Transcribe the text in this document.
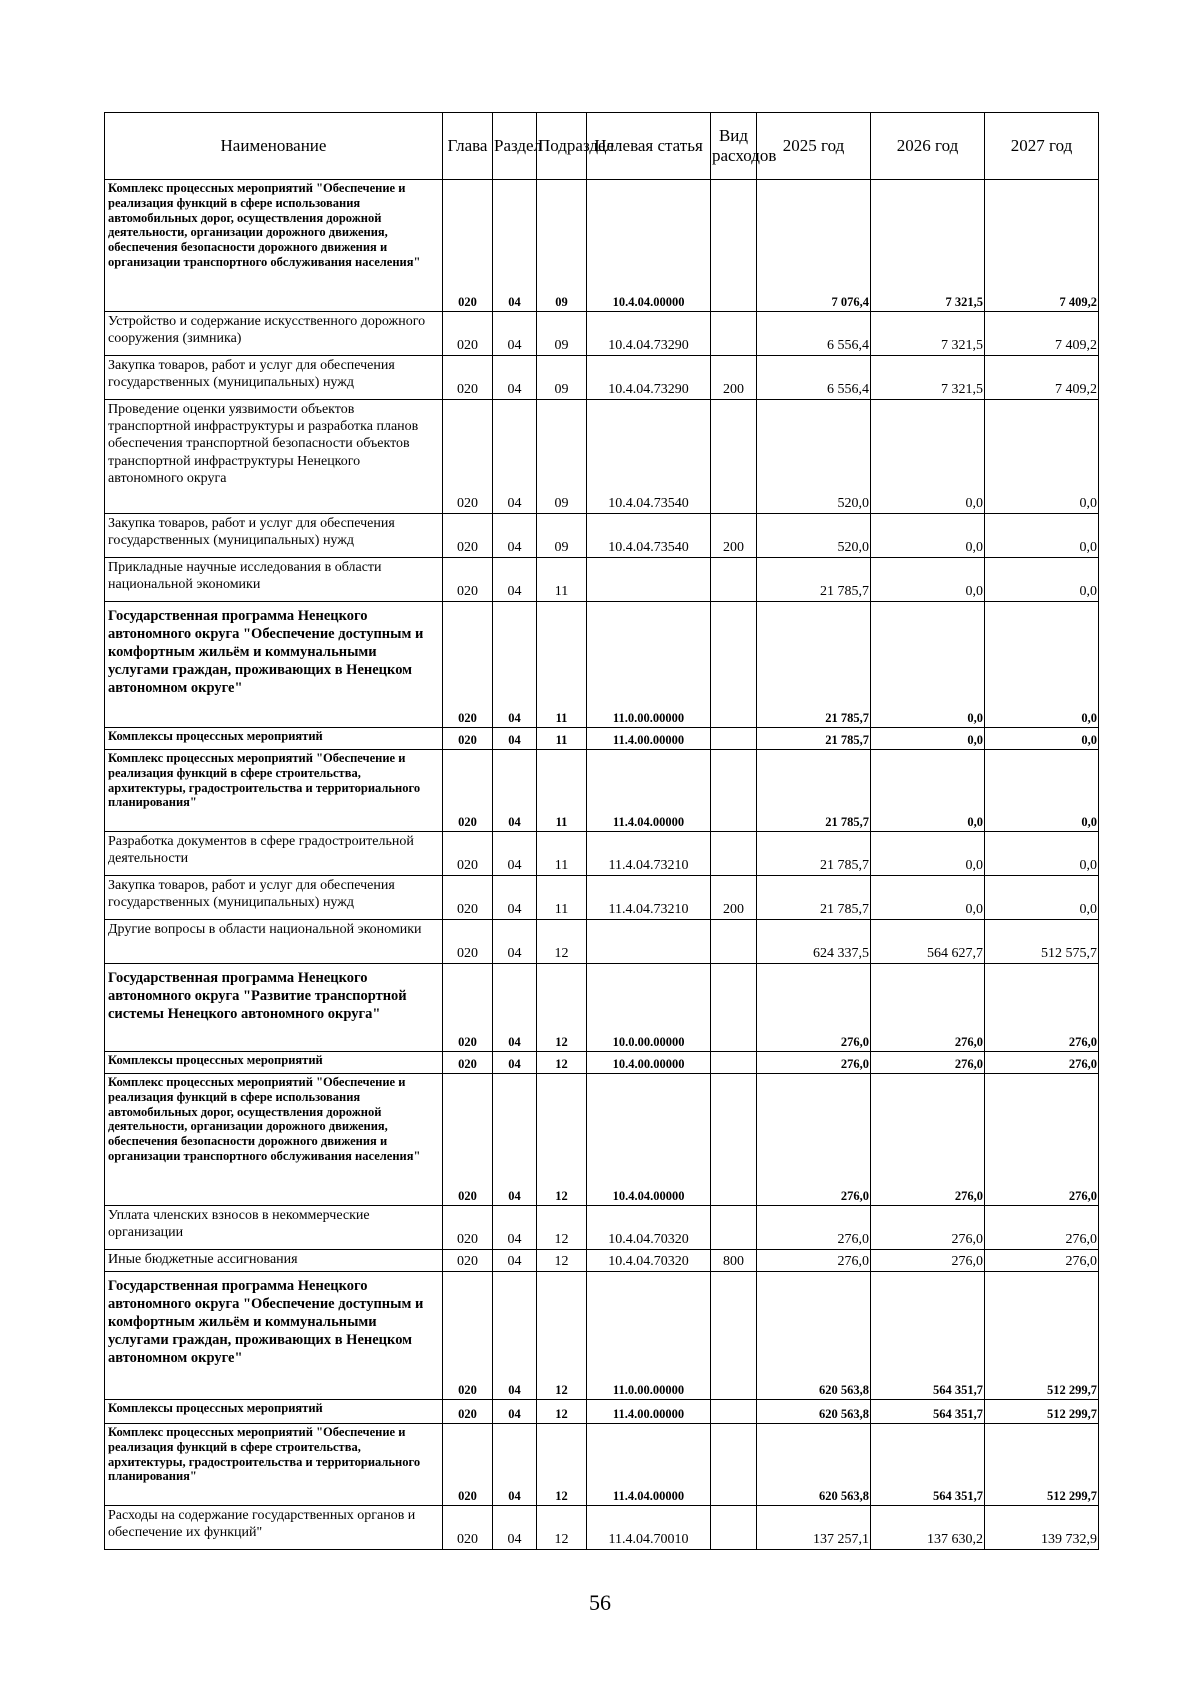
Наименование	Глава	Раздел	Подраздел	Целевая статья	Вид расходов	2025 год	2026 год	2027 год
Комплекс процессных мероприятий "Обеспечение и реализация функций в сфере использования автомобильных дорог, осуществления дорожной деятельности, организации дорожного движения, обеспечения безопасности дорожного движения и организации транспортного обслуживания населения"	020	04	09	10.4.04.00000		7 076,4	7 321,5	7 409,2
Устройство и содержание искусственного дорожного сооружения (зимника)	020	04	09	10.4.04.73290		6 556,4	7 321,5	7 409,2
Закупка товаров, работ и услуг для обеспечения государственных (муниципальных) нужд	020	04	09	10.4.04.73290	200	6 556,4	7 321,5	7 409,2
Проведение оценки уязвимости объектов транспортной инфраструктуры и разработка планов обеспечения транспортной безопасности объектов транспортной инфраструктуры Ненецкого автономного округа	020	04	09	10.4.04.73540		520,0	0,0	0,0
Закупка товаров, работ и услуг для обеспечения государственных (муниципальных) нужд	020	04	09	10.4.04.73540	200	520,0	0,0	0,0
Прикладные научные исследования в области национальной экономики	020	04	11			21 785,7	0,0	0,0
Государственная программа Ненецкого автономного округа "Обеспечение доступным и комфортным жильём и коммунальными услугами граждан, проживающих в Ненецком автономном округе"	020	04	11	11.0.00.00000		21 785,7	0,0	0,0
Комплексы процессных мероприятий	020	04	11	11.4.00.00000		21 785,7	0,0	0,0
Комплекс процессных мероприятий "Обеспечение и реализация функций в сфере строительства, архитектуры, градостроительства и территориального планирования"	020	04	11	11.4.04.00000		21 785,7	0,0	0,0
Разработка документов в сфере градостроительной деятельности	020	04	11	11.4.04.73210		21 785,7	0,0	0,0
Закупка товаров, работ и услуг для обеспечения государственных (муниципальных) нужд	020	04	11	11.4.04.73210	200	21 785,7	0,0	0,0
Другие вопросы в области национальной экономики	020	04	12			624 337,5	564 627,7	512 575,7
Государственная программа Ненецкого автономного округа "Развитие транспортной системы Ненецкого автономного округа"	020	04	12	10.0.00.00000		276,0	276,0	276,0
Комплексы процессных мероприятий	020	04	12	10.4.00.00000		276,0	276,0	276,0
Комплекс процессных мероприятий "Обеспечение и реализация функций в сфере использования автомобильных дорог, осуществления дорожной деятельности, организации дорожного движения, обеспечения безопасности дорожного движения и организации транспортного обслуживания населения"	020	04	12	10.4.04.00000		276,0	276,0	276,0
Уплата членских взносов в некоммерческие организации	020	04	12	10.4.04.70320		276,0	276,0	276,0
Иные бюджетные ассигнования	020	04	12	10.4.04.70320	800	276,0	276,0	276,0
Государственная программа Ненецкого автономного округа "Обеспечение доступным и комфортным жильём и коммунальными услугами граждан, проживающих в Ненецком автономном округе"	020	04	12	11.0.00.00000		620 563,8	564 351,7	512 299,7
Комплексы процессных мероприятий	020	04	12	11.4.00.00000		620 563,8	564 351,7	512 299,7
Комплекс процессных мероприятий "Обеспечение и реализация функций в сфере строительства, архитектуры, градостроительства и территориального планирования"	020	04	12	11.4.04.00000		620 563,8	564 351,7	512 299,7
Расходы на содержание государственных органов и обеспечение их функций"	020	04	12	11.4.04.70010		137 257,1	137 630,2	139 732,9
56
